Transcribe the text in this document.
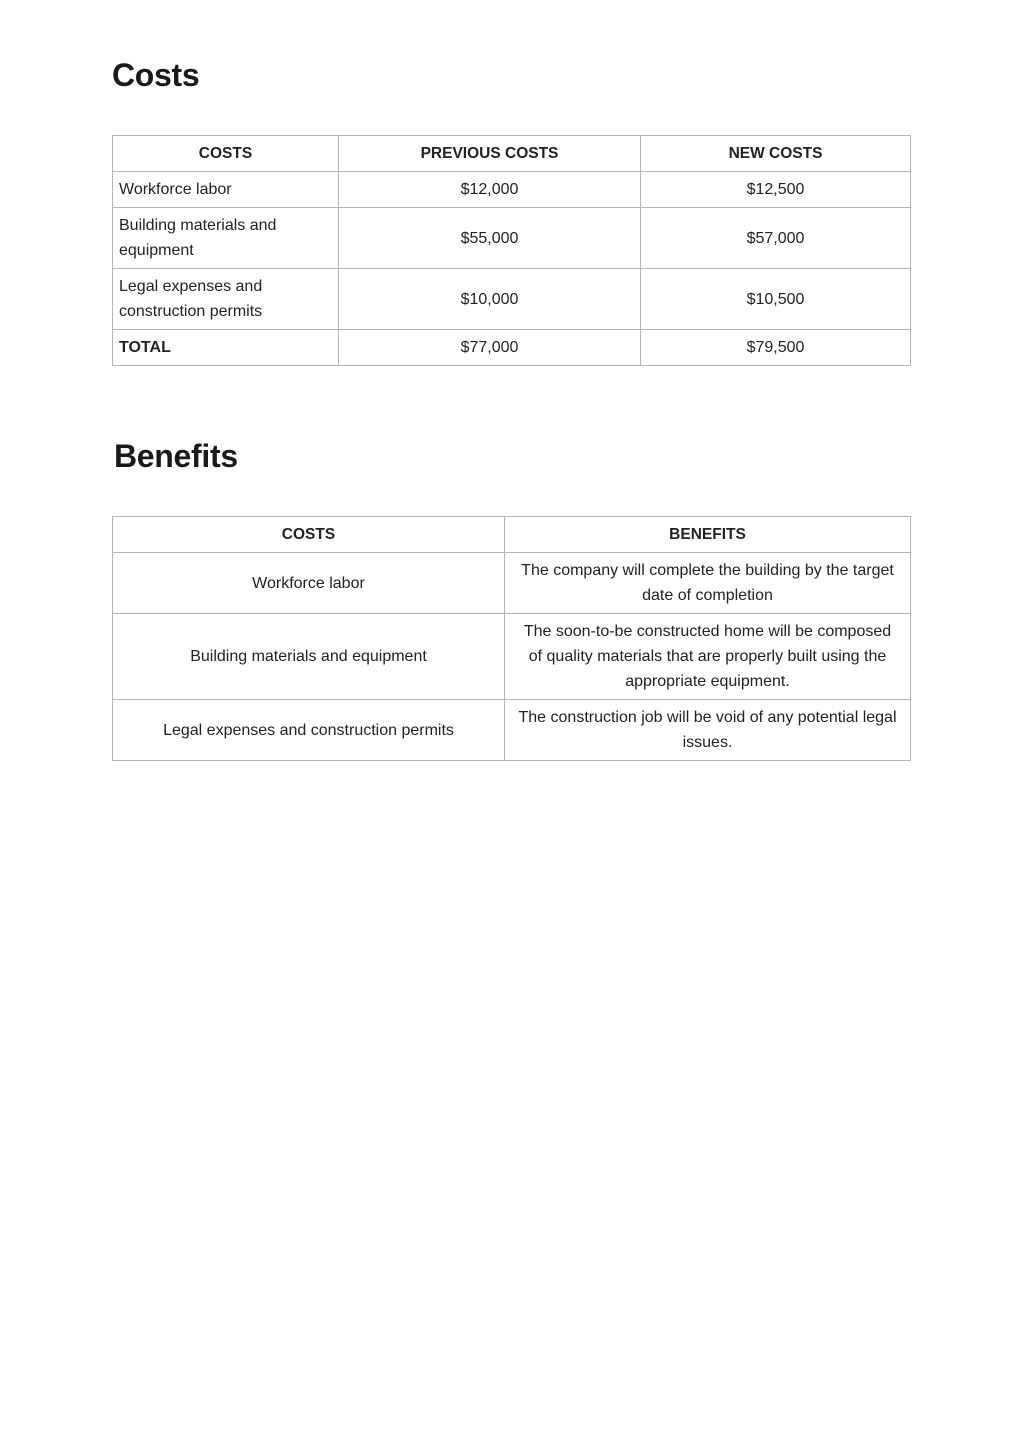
Costs
COSTS	PREVIOUS COSTS	NEW COSTS
Workforce labor	$12,000	$12,500
Building materials and equipment	$55,000	$57,000
Legal expenses and construction permits	$10,000	$10,500
TOTAL	$77,000	$79,500
Benefits
COSTS	BENEFITS
Workforce labor	The company will complete the building by the target date of completion
Building materials and equipment	The soon-to-be constructed home will be composed of quality materials that are properly built using the appropriate equipment.
Legal expenses and construction permits	The construction job will be void of any potential legal issues.
